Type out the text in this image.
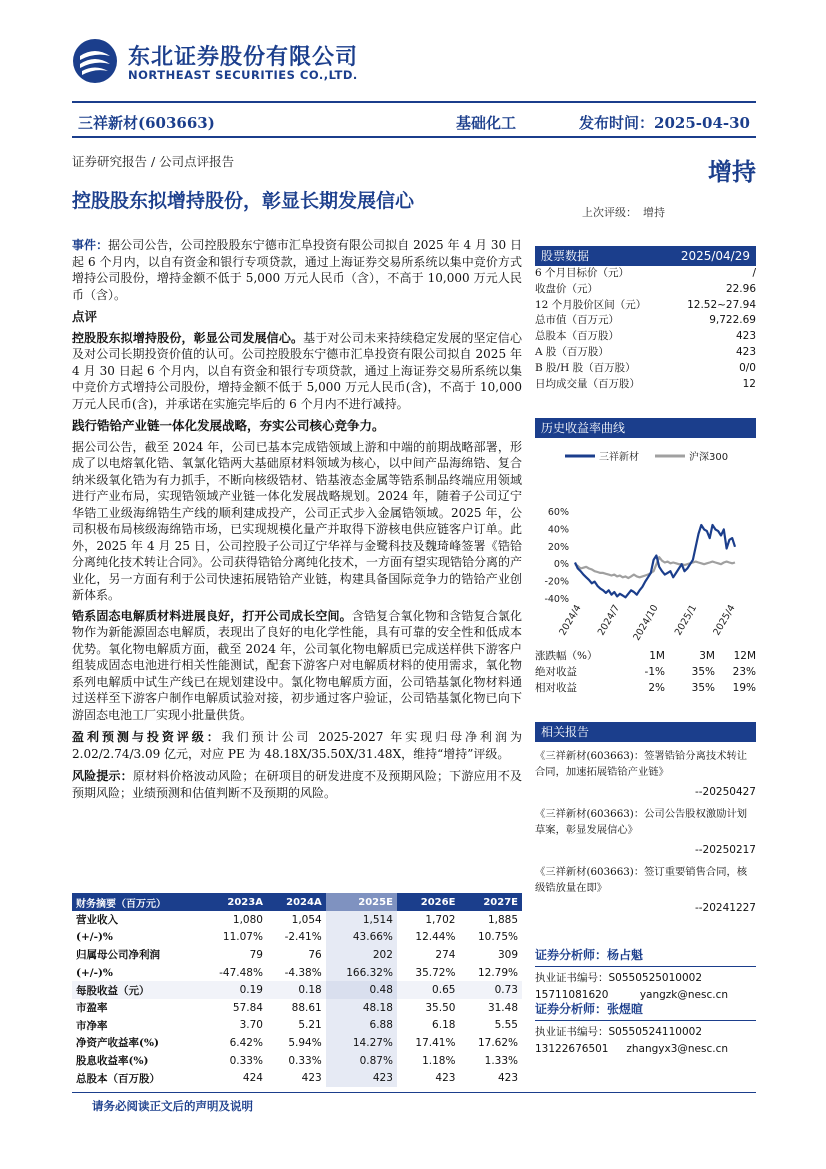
东北证券股份有限公司
NORTHEAST SECURITIES CO.,LTD.
三祥新材(603663)	基础化工	发布时间：2025-04-30
证券研究报告 / 公司点评报告	增持
控股股东拟增持股份，彰显长期发展信心
上次评级： 增持

事件：据公司公告，公司控股股东宁德市汇阜投资有限公司拟自 2025 年 4 月 30 日起 6 个月内，以自有资金和银行专项贷款，通过上海证券交易所系统以集中竞价方式增持公司股份，增持金额不低于 5,000 万元人民币（含），不高于 10,000 万元人民币（含）。

点评

控股股东拟增持股份，彰显公司发展信心。基于对公司未来持续稳定发展的坚定信心及对公司长期投资价值的认可。公司控股股东宁德市汇阜投资有限公司拟自 2025 年 4 月 30 日起 6 个月内，以自有资金和银行专项贷款，通过上海证券交易所系统以集中竞价方式增持公司股份，增持金额不低于 5,000 万元人民币(含)，不高于 10,000 万元人民币(含)，并承诺在实施完毕后的 6 个月内不进行减持。

践行锆铪产业链一体化发展战略，夯实公司核心竞争力。

据公司公告，截至 2024 年，公司已基本完成锆领域上游和中端的前期战略部署，形成了以电熔氧化锆、氧氯化锆两大基础原材料领域为核心，以中间产品海绵锆、复合纳米级氧化锆为有力抓手，不断向核级锆材、锆基液态金属等锆系制品终端应用领域进行产业布局，实现锆领域产业链一体化发展战略规划。2024 年，随着子公司辽宁华锆工业级海绵锆生产线的顺利建成投产，公司正式步入金属锆领域。2025 年，公司积极布局核级海绵锆市场，已实现规模化量产并取得下游核电供应链客户订单。此外，2025 年 4 月 25 日，公司控股子公司辽宁华祥与金鹭科技及魏琦峰签署《锆铪分离纯化技术转让合同》。公司获得锆铪分离纯化技术，一方面有望实现锆铪分离的产业化，另一方面有利于公司快速拓展锆铪产业链，构建具备国际竞争力的锆铪产业创新体系。

锆系固态电解质材料进展良好，打开公司成长空间。含锆复合氧化物和含锆复合氯化物作为新能源固态电解质，表现出了良好的电化学性能，具有可靠的安全性和低成本优势。氧化物电解质方面，截至 2024 年，公司氧化物电解质已完成送样供下游客户组装成固态电池进行相关性能测试，配套下游客户对电解质材料的使用需求，氧化物系列电解质中试生产线已在规划建设中。氯化物电解质方面，公司锆基氯化物材料通过送样至下游客户制作电解质试验对接，初步通过客户验证，公司锆基氯化物已向下游固态电池工厂实现小批量供货。

盈利预测与投资评级：我们预计公司 2025-2027 年实现归母净利润为 2.02/2.74/3.09 亿元，对应 PE 为 48.18X/35.50X/31.48X，维持“增持”评级。

风险提示：原材料价格波动风险；在研项目的研发进度不及预期风险；下游应用不及预期风险；业绩预测和估值判断不及预期的风险。

股票数据	2025/04/29
6 个月目标价（元）	/
收盘价（元）	22.96
12 个月股价区间（元）	12.52~27.94
总市值（百万元）	9,722.69
总股本（百万股）	423
A 股（百万股）	423
B 股/H 股（百万股）	0/0
日均成交量（百万股）	12
历史收益率曲线
三祥新材	沪深300
60%
40%
20%
0%
-20%
-40%
2024/4 2024/7 2024/10 2025/1 2025/4
涨跌幅（%）	1M	3M	12M
绝对收益	-1%	35%	23%
相对收益	2%	35%	19%
相关报告
《三祥新材(603663)：签署锆铪分离技术转让合同，加速拓展锆铪产业链》
--20250427
《三祥新材(603663)：公司公告股权激励计划草案，彰显发展信心》
--20250217
《三祥新材(603663)：签订重要销售合同，核级锆放量在即》
--20241227
证券分析师：杨占魁
执业证书编号：S0550525010002
15711081620	yangzk@nesc.cn
证券分析师：张煜暄
执业证书编号：S0550524110002
13122676501 zhangyx3@nesc.cn
财务摘要（百万元）	2023A	2024A	2025E	2026E	2027E
营业收入	1,080	1,054	1,514	1,702	1,885
(+/-)%	11.07%	-2.41%	43.66%	12.44%	10.75%
归属母公司净利润	79	76	202	274	309
(+/-)%	-47.48%	-4.38%	166.32%	35.72%	12.79%
每股收益（元）	0.19	0.18	0.48	0.65	0.73
市盈率	57.84	88.61	48.18	35.50	31.48
市净率	3.70	5.21	6.88	6.18	5.55
净资产收益率(%)	6.42%	5.94%	14.27%	17.41%	17.62%
股息收益率(%)	0.33%	0.33%	0.87%	1.18%	1.33%
总股本（百万股）	424	423	423	423	423
请务必阅读正文后的声明及说明
